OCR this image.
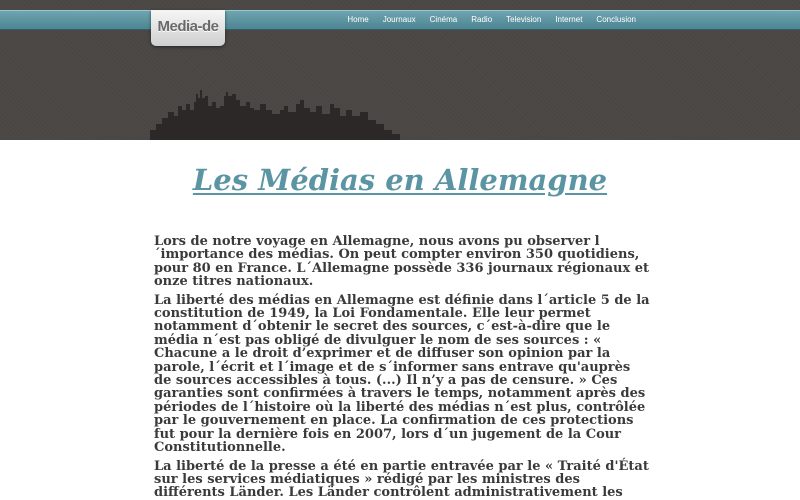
Media-de	Home Journaux Cinéma Radio Television Internet Conclusion
Les Médias en Allemagne

Lors de notre voyage en Allemagne, nous avons pu observer l´importance des médias. On peut compter environ 350 quotidiens, pour 80 en France. L´Allemagne possède 336 journaux régionaux et onze titres nationaux.

La liberté des médias en Allemagne est définie dans l´article 5 de la constitution de 1949, la Loi Fondamentale. Elle leur permet notamment d´obtenir le secret des sources, c´est-à-dire que le média n´est pas obligé de divulguer le nom de ses sources : « Chacune a le droit d’exprimer et de diffuser son opinion par la parole, l´écrit et l´image et de s´informer sans entrave qu'auprès de sources accessibles à tous. (...) Il n’y a pas de censure. » Ces garanties sont confirmées à travers le temps, notamment après des périodes de l´histoire où la liberté des médias n´est plus, contrôlée par le gouvernement en place. La confirmation de ces protections fut pour la dernière fois en 2007, lors d´un jugement de la Cour Constitutionnelle.

La liberté de la presse a été en partie entravée par le « Traité d'État sur les services médiatiques » rédigé par les ministres des différents Länder. Les Länder contrôlent administrativement les
